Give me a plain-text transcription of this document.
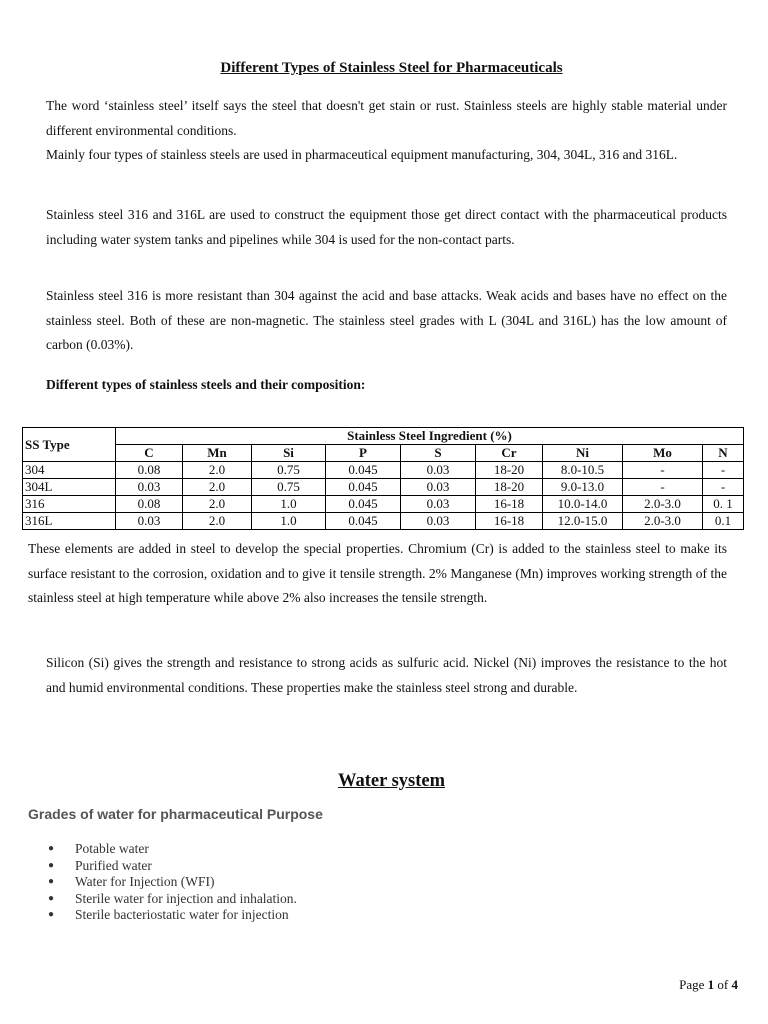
Different Types of Stainless Steel for Pharmaceuticals

The word ‘stainless steel’ itself says the steel that doesn't get stain or rust. Stainless steels are highly stable material under different environmental conditions.

Mainly four types of stainless steels are used in pharmaceutical equipment manufacturing, 304, 304L, 316 and 316L.

Stainless steel 316 and 316L are used to construct the equipment those get direct contact with the pharmaceutical products including water system tanks and pipelines while 304 is used for the non-contact parts.

Stainless steel 316 is more resistant than 304 against the acid and base attacks. Weak acids and bases have no effect on the stainless steel. Both of these are non-magnetic. The stainless steel grades with L (304L and 316L) has the low amount of carbon (0.03%).

Different types of stainless steels and their composition:
SS Type	Stainless Steel Ingredient (%)								
	C	Mn	Si	P	S	Cr	Ni	Mo	N
304	0.08	2.0	0.75	0.045	0.03	18-20	8.0-10.5	-	-
304L	0.03	2.0	0.75	0.045	0.03	18-20	9.0-13.0	-	-
316	0.08	2.0	1.0	0.045	0.03	16-18	10.0-14.0	2.0-3.0	0. 1
316L	0.03	2.0	1.0	0.045	0.03	16-18	12.0-15.0	2.0-3.0	0.1

These elements are added in steel to develop the special properties. Chromium (Cr) is added to the stainless steel to make its surface resistant to the corrosion, oxidation and to give it tensile strength. 2% Manganese (Mn) improves working strength of the stainless steel at high temperature while above 2% also increases the tensile strength.

Silicon (Si) gives the strength and resistance to strong acids as sulfuric acid. Nickel (Ni) improves the resistance to the hot and humid environmental conditions. These properties make the stainless steel strong and durable.

Water system
Grades of water for pharmaceutical Purpose
● Potable water
● Purified water
● Water for Injection (WFI)
● Sterile water for injection and inhalation.
● Sterile bacteriostatic water for injection
Page 1 of 4
